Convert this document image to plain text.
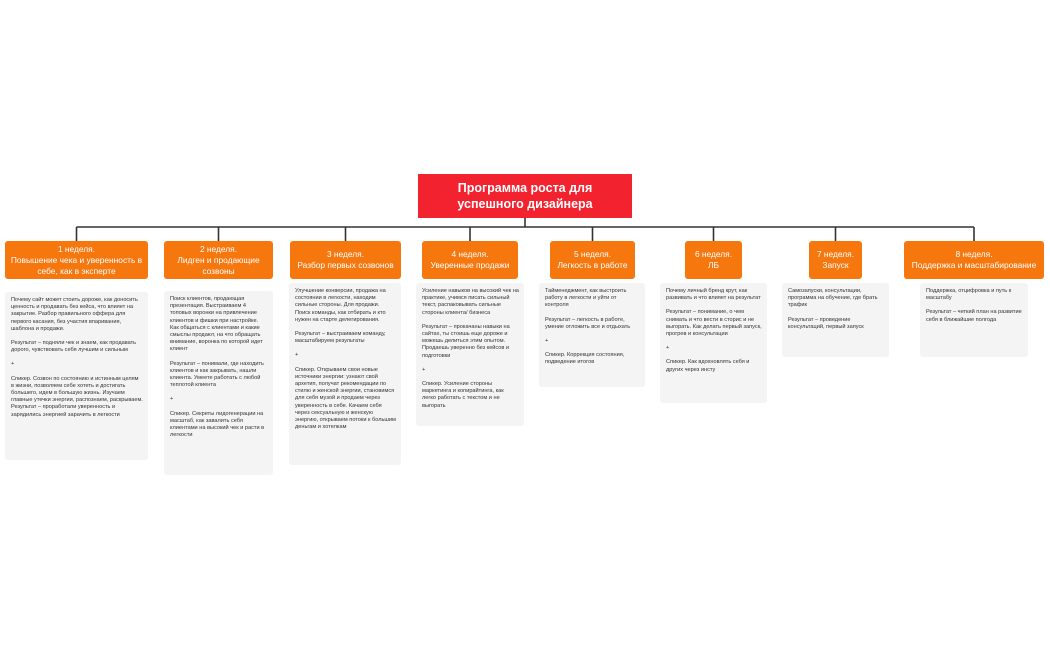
Программа роста для успешного дизайнера
1 неделя.
Повышение чека и уверенность в себе, как в эксперте
2 неделя.
Лидген и продающие созвоны
3 неделя.
Разбор первых созвонов
4 неделя.
Уверенные продажи
5 неделя.
Легкость в работе
6 неделя.
ЛБ
7 неделя.
Запуск
8 неделя.
Поддержка и масштабирование

Почему сайт может стоить дороже, как доносить ценность и продавать без кейса, что влияет на закрытие. Разбор правильного оффера для первого касания, без участия впаривания, шаблона и продажи.

Результат – подняли чек и знаем, как продавать дорого, чувствовать себя лучшим и сильным

+

Спикер. Созвон по состоянию и истинным целям в жизни, позволяем себе хотеть и достигать большего, идем в большую жизнь. Изучаем главные утечки энергии, распознаем, раскрываем. Результат – проработали уверенность и зарядились энергией зарачить в легкости

Поиск клиентов, продающая презентация. Выстраиваем 4 топовых воронки на привлечение клиентов и фишки при настройке. Как общаться с клиентами и какие смыслы продают, на что обращать внимание, воронка по которой идет клиент

Результат – понимали, где находить клиентов и как закрывать, нашли клиента. Умеете работать с любой теплотой клиента

+

Спикер. Секреты лидогенерации на масштаб, как завалить себя клиентами на высокий чек и расти в легкости

Улучшение конверсии, продажа на состоянии в легкости, находим сильные стороны. Для продажи. Поиск команды, как отбирать и кто нужен на старте делегирования.

Результат – выстраиваем команду, масштабируем результаты

+

Спикер. Открываем свои новые источники энергии: узнают свой архетип, получат рекомендации по стилю и женской энергии, становимся для себя музой и продаем через уверенность в себе. Качаем себя через сексуальную и женскую энергию, открываем потоки к большим деньгам и хотелкам

Усиление навыков на высокий чек на практике, учимся писать сильный текст, распаковывать сильные стороны клиента/ бизнеса

Результат – прокачаны навыки на сайтах, ты стоишь еще дороже и можешь делиться этим опытом. Продаешь уверенно без кейсов и подготовки

+

Спикер. Усиление стороны маркетинга и копирайтинга, как легко работать с текстом и не выгорать

Тайменеджмент, как выстроить работу в легкости и уйти от контроля

Результат – легкость в работе, умение отложить все и отдыхать

+

Спикер. Коррекция состояния, подведение итогов

Почему личный бренд крут, как развивать и что влияет на результат

Результат – понимание, о чем снимать и что вести в сторис и не выгорать. Как делать первый запуск, прогрев и консультации

+

Спикер. Как вдохновлять себя и других через инсту

Самозапуски, консультации, программа на обучение, где брать трафик

Результат – проведение консультаций, первый запуск

Поддержка, отцифровка и путь к масштабу

Результат – четкий план на развитие себя в ближайшие полгода
